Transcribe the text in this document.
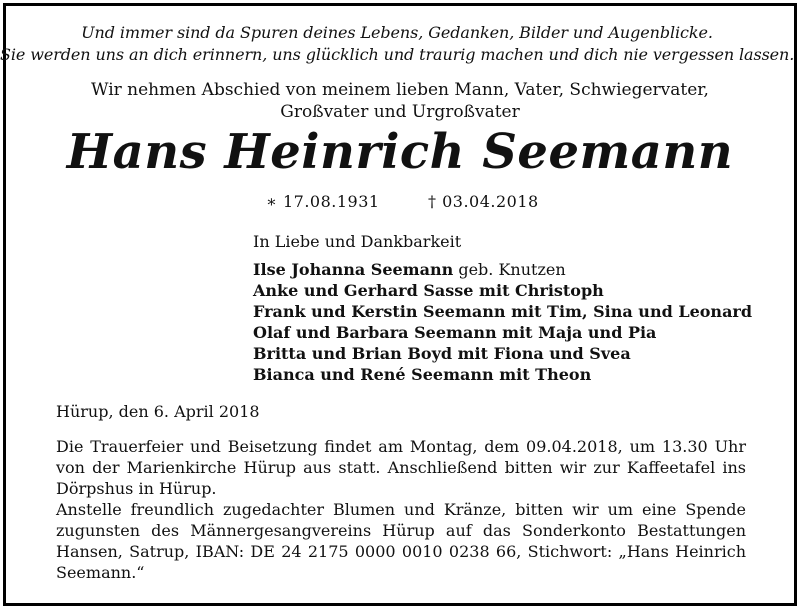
Und immer sind da Spuren deines Lebens, Gedanken, Bilder und Augenblicke.
Sie werden uns an dich erinnern, uns glücklich und traurig machen und dich nie vergessen lassen.
Wir nehmen Abschied von meinem lieben Mann, Vater, Schwiegervater,
Großvater und Urgroßvater
Hans Heinrich Seemann
∗ 17.08.1931	† 03.04.2018
In Liebe und Dankbarkeit
Ilse Johanna Seemann geb. Knutzen
Anke und Gerhard Sasse mit Christoph
Frank und Kerstin Seemann mit Tim, Sina und Leonard
Olaf und Barbara Seemann mit Maja und Pia
Britta und Brian Boyd mit Fiona und Svea
Bianca und René Seemann mit Theon
Hürup, den 6. April 2018
Die Trauerfeier und Beisetzung findet am Montag, dem 09.04.2018, um 13.30 Uhr
von der Marienkirche Hürup aus statt. Anschließend bitten wir zur Kaffeetafel ins
Dörpshus in Hürup.
Anstelle freundlich zugedachter Blumen und Kränze, bitten wir um eine Spende
zugunsten des Männergesangvereins Hürup auf das Sonderkonto Bestattungen
Hansen, Satrup, IBAN: DE 24 2175 0000 0010 0238 66, Stichwort: „Hans Heinrich
Seemann.“
